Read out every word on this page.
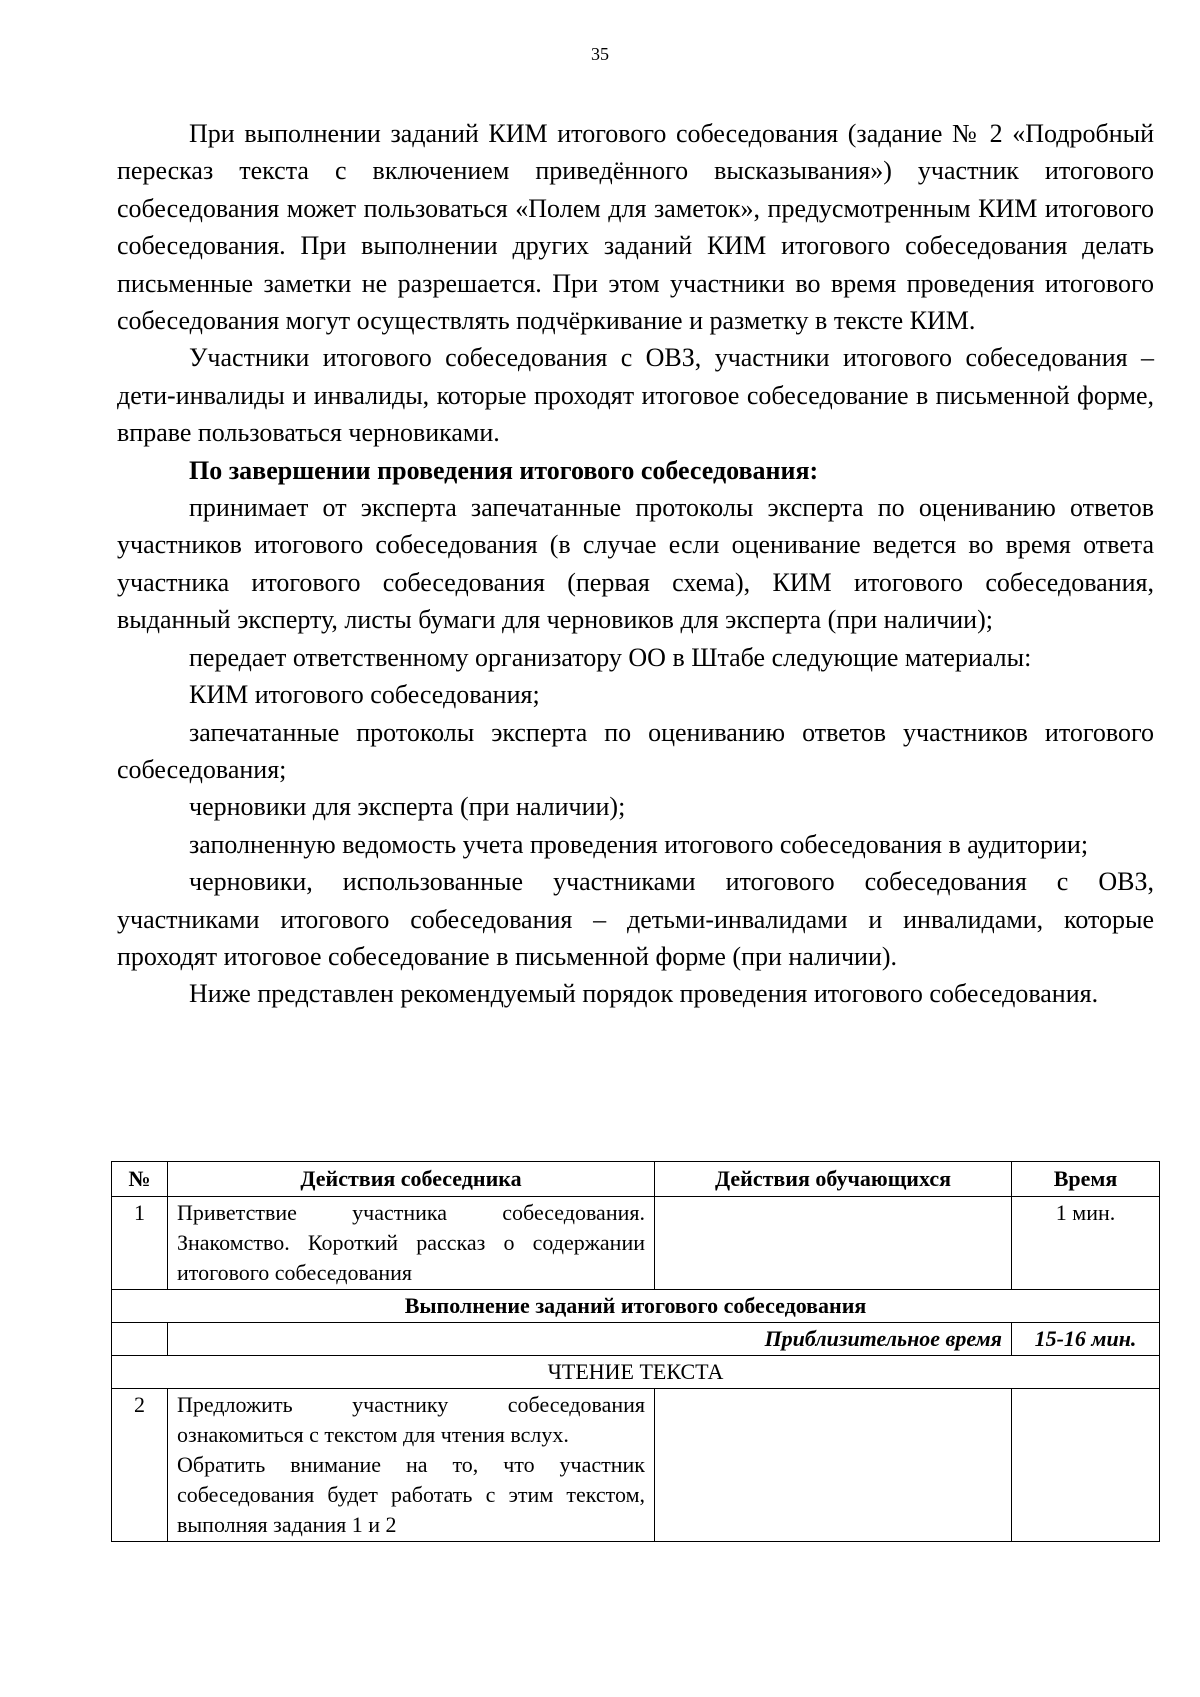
35

При выполнении заданий КИМ итогового собеседования (задание № 2 «Подробный пересказ текста с включением приведённого высказывания») участник итогового собеседования может пользоваться «Полем для заметок», предусмотренным КИМ итогового собеседования. При выполнении других заданий КИМ итогового собеседования делать письменные заметки не разрешается. При этом участники во время проведения итогового собеседования могут осуществлять подчёркивание и разметку в тексте КИМ.

Участники итогового собеседования с ОВЗ, участники итогового собеседования – дети-инвалиды и инвалиды, которые проходят итоговое собеседование в письменной форме, вправе пользоваться черновиками.

По завершении проведения итогового собеседования:

принимает от эксперта запечатанные протоколы эксперта по оцениванию ответов участников итогового собеседования (в случае если оценивание ведется во время ответа участника итогового собеседования (первая схема), КИМ итогового собеседования, выданный эксперту, листы бумаги для черновиков для эксперта (при наличии);

передает ответственному организатору ОО в Штабе следующие материалы:

КИМ итогового собеседования;

запечатанные протоколы эксперта по оцениванию ответов участников итогового собеседования;

черновики для эксперта (при наличии);

заполненную ведомость учета проведения итогового собеседования в аудитории;

черновики, использованные участниками итогового собеседования с ОВЗ, участниками итогового собеседования – детьми-инвалидами и инвалидами, которые проходят итоговое собеседование в письменной форме (при наличии).

Ниже представлен рекомендуемый порядок проведения итогового собеседования.

№	Действия собеседника	Действия обучающихся	Время
1	Приветствие участника собеседования. Знакомство. Короткий рассказ о содержании итогового собеседования		1 мин.
Выполнение заданий итогового собеседования			
	Приблизительное время		15-16 мин.
ЧТЕНИЕ ТЕКСТА			
2	Предложить участнику собеседования ознакомиться с текстом для чтения вслух.
Обратить внимание на то, что участник собеседования будет работать с этим текстом, выполняя задания 1 и 2		
